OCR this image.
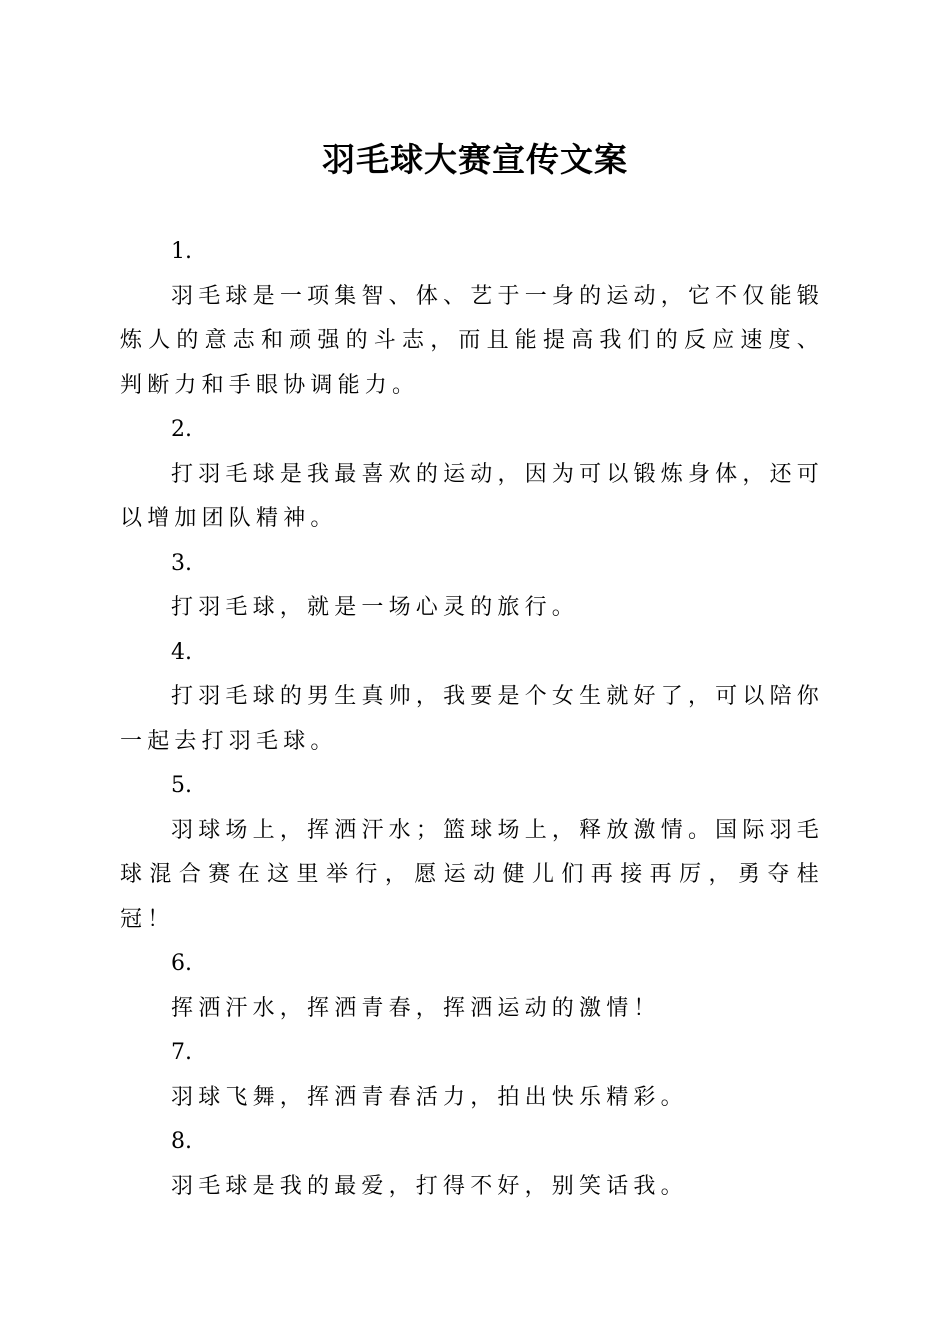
羽毛球大赛宣传文案

1.

羽毛球是一项集智、体、艺于一身的运动，它不仅能锻炼人的意志和顽强的斗志，而且能提高我们的反应速度、判断力和手眼协调能力。

2.

打羽毛球是我最喜欢的运动，因为可以锻炼身体，还可以增加团队精神。

3.

打羽毛球，就是一场心灵的旅行。

4.

打羽毛球的男生真帅，我要是个女生就好了，可以陪你一起去打羽毛球。

5.

羽球场上，挥洒汗水；篮球场上，释放激情。国际羽毛球混合赛在这里举行，愿运动健儿们再接再厉，勇夺桂冠！

6.

挥洒汗水，挥洒青春，挥洒运动的激情！

7.

羽球飞舞，挥洒青春活力，拍出快乐精彩。

8.

羽毛球是我的最爱，打得不好，别笑话我。
